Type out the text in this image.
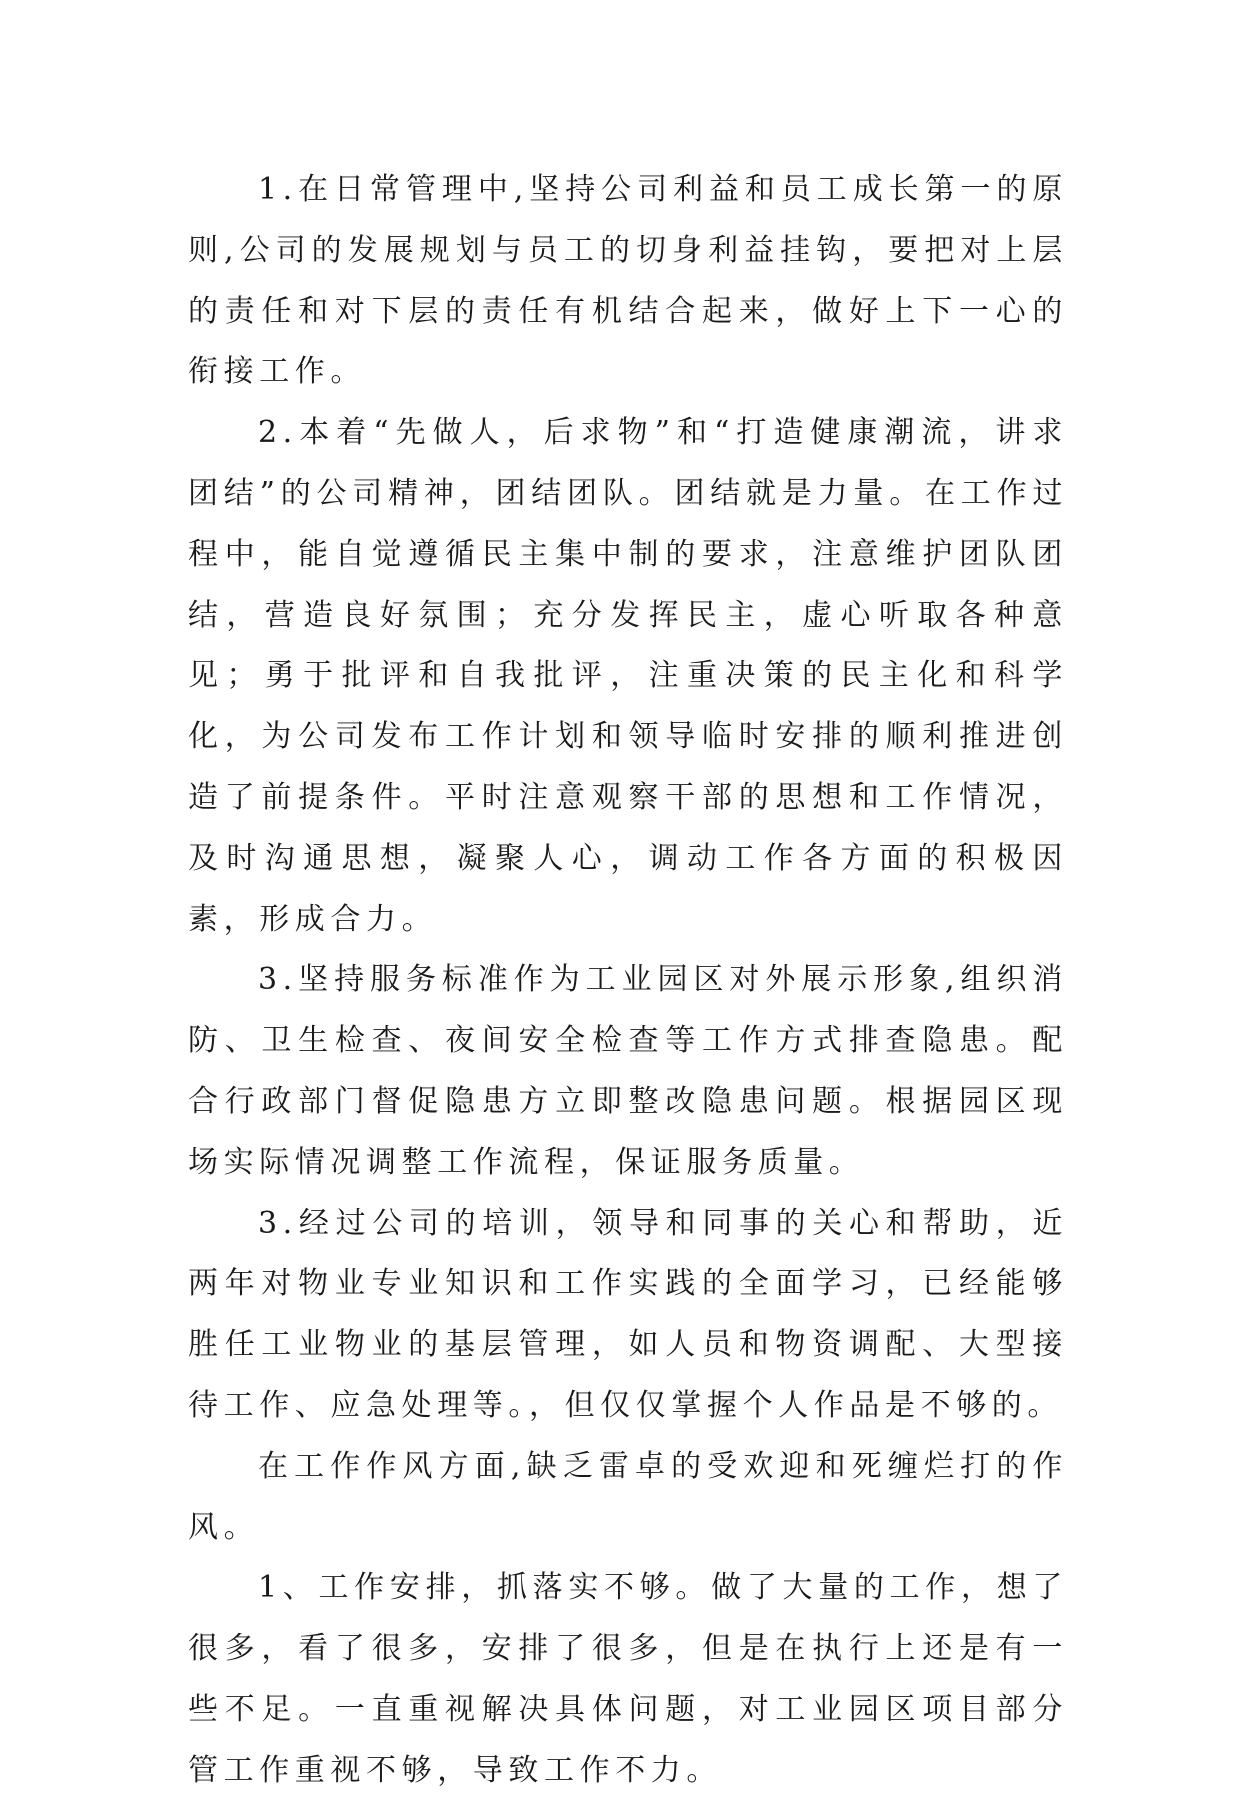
1.在日常管理中,坚持公司利益和员工成长第一的原则,公司的发展规划与员工的切身利益挂钩，要把对上层的责任和对下层的责任有机结合起来，做好上下一心的衔接工作。

2.本着“先做人，后求物”和“打造健康潮流，讲求团结”的公司精神，团结团队。团结就是力量。在工作过程中，能自觉遵循民主集中制的要求，注意维护团队团结，营造良好氛围；充分发挥民主，虚心听取各种意见；勇于批评和自我批评，注重决策的民主化和科学化，为公司发布工作计划和领导临时安排的顺利推进创造了前提条件。平时注意观察干部的思想和工作情况，及时沟通思想，凝聚人心，调动工作各方面的积极因素，形成合力。

3.坚持服务标准作为工业园区对外展示形象,组织消防、卫生检查、夜间安全检查等工作方式排查隐患。配合行政部门督促隐患方立即整改隐患问题。根据园区现场实际情况调整工作流程，保证服务质量。

3.经过公司的培训，领导和同事的关心和帮助，近两年对物业专业知识和工作实践的全面学习，已经能够胜任工业物业的基层管理，如人员和物资调配、大型接待工作、应急处理等。，但仅仅掌握个人作品是不够的。

在工作作风方面,缺乏雷卓的受欢迎和死缠烂打的作风。

1、工作安排，抓落实不够。做了大量的工作，想了很多，看了很多，安排了很多，但是在执行上还是有一些不足。一直重视解决具体问题，对工业园区项目部分管工作重视不够，导致工作不力。
